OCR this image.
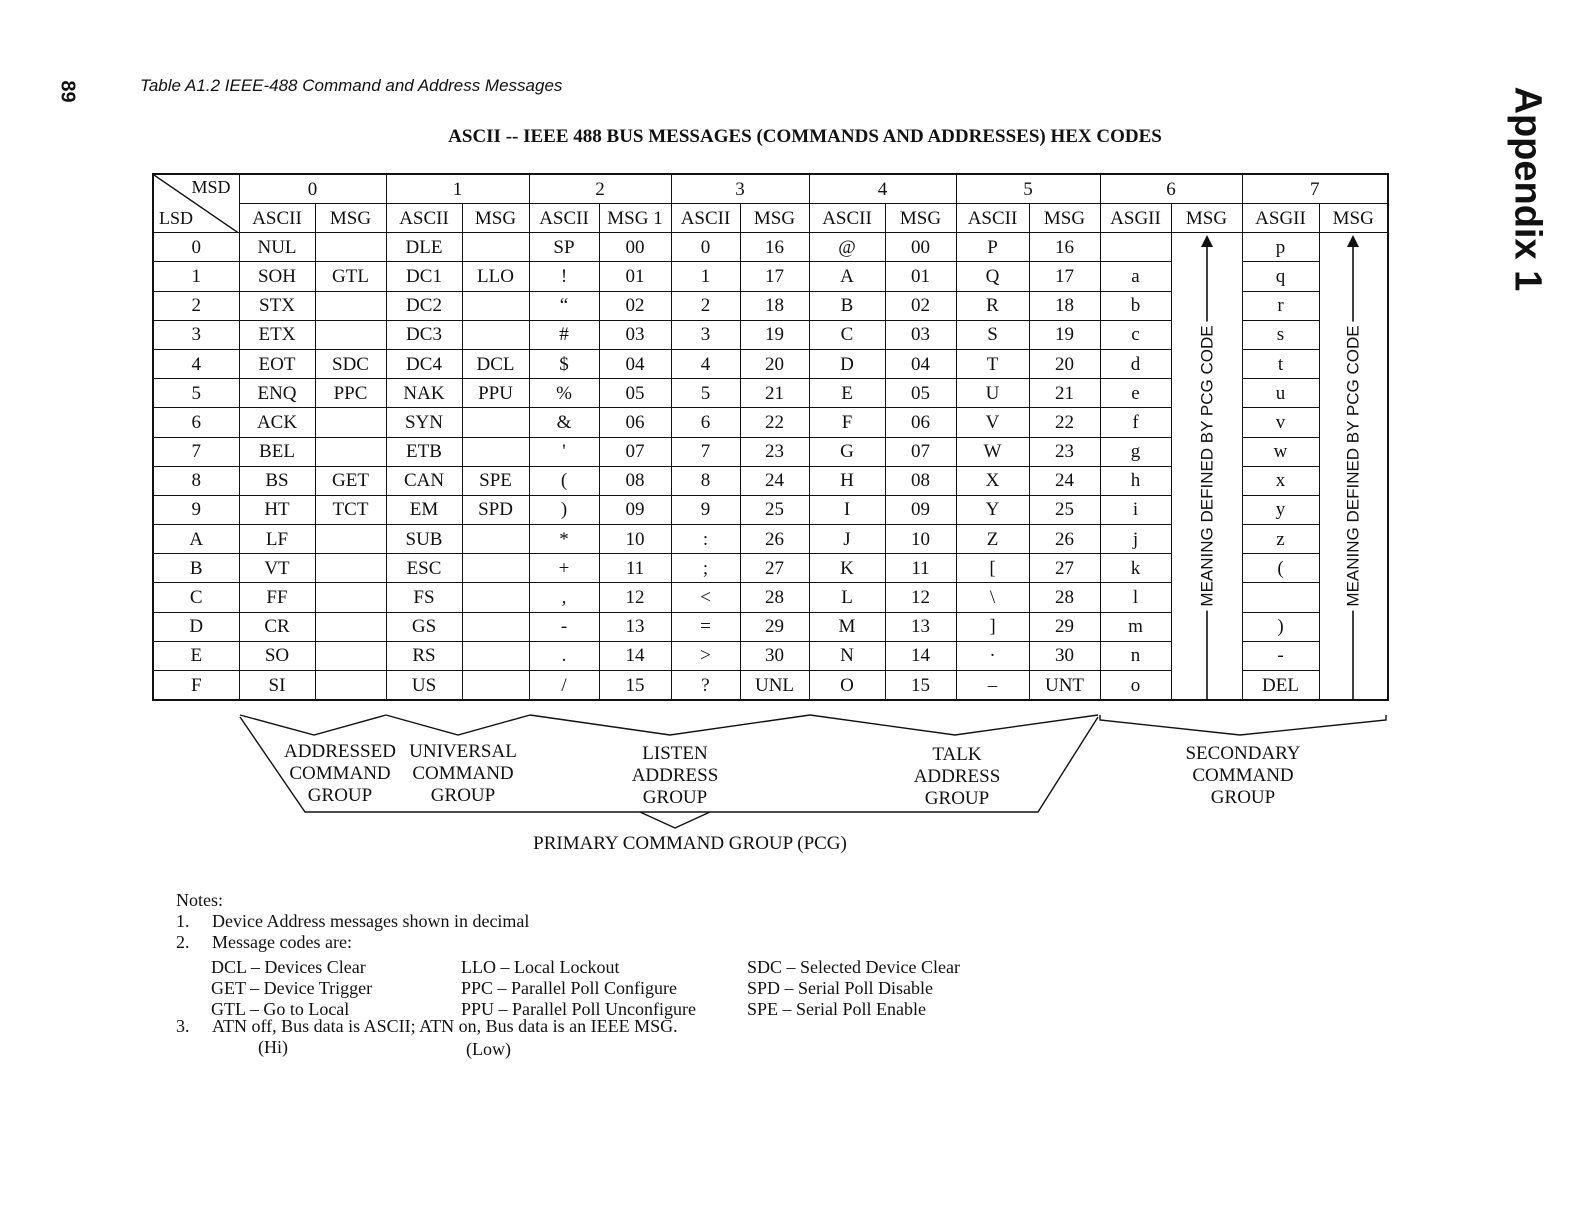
89	Table A1.2 IEEE-488 Command and Address Messages
Appendix 1
ASCII -- IEEE 488 BUS MESSAGES (COMMANDS AND ADDRESSES) HEX CODES
MSD
LSD	0		1		2		3		4		5		6		7	
	ASCII	MSG	ASCII	MSG	ASCII	MSG 1	ASCII	MSG	ASCII	MSG	ASCII	MSG	ASGII	MSG	ASGII	MSG
0	NUL		DLE		SP	00	0	16	@	00	P	16		MEANING DEFINED BY PCG CODE	p	MEANING DEFINED BY PCG CODE

1	SOH	GTL	DC1	LLO	!	01	1	17	A	01	Q	17	a		q	
2	STX		DC2		“	02	2	18	B	02	R	18	b		r	
3	ETX		DC3		#	03	3	19	C	03	S	19	c		s	
4	EOT	SDC	DC4	DCL	$	04	4	20	D	04	T	20	d		t	
5	ENQ	PPC	NAK	PPU	%	05	5	21	E	05	U	21	e		u	
6	ACK		SYN		&	06	6	22	F	06	V	22	f		v	
7	BEL		ETB		'	07	7	23	G	07	W	23	g		w	
8	BS	GET	CAN	SPE	(	08	8	24	H	08	X	24	h		x	
9	HT	TCT	EM	SPD	)	09	9	25	I	09	Y	25	i		y	
A	LF		SUB		*	10	:	26	J	10	Z	26	j		z	
B	VT		ESC		+	11	;	27	K	11	[	27	k		(	
C	FF		FS		,	12	<	28	L	12	\	28	l			
D	CR		GS		-	13	=	29	M	13	]	29	m		)	
E	SO		RS		.	14	>	30	N	14	·	30	n		-	
F	SI		US		/	15	?	UNL	O	15	–	UNT	o		DEL	
ADDRESSED
COMMAND
GROUP
UNIVERSAL
COMMAND
GROUP
LISTEN
ADDRESS
GROUP
TALK
ADDRESS
GROUP
SECONDARY
COMMAND
GROUP
PRIMARY COMMAND GROUP (PCG)
Notes:
1.	Device Address messages shown in decimal
2.	Message codes are:
3.	ATN off, Bus data is ASCII; ATN on, Bus data is an IEEE MSG.
(Hi)	(Low)
DCL – Devices Clear
GET – Device Trigger
GTL – Go to Local
LLO – Local Lockout
PPC – Parallel Poll Configure
PPU – Parallel Poll Unconfigure
SDC – Selected Device Clear
SPD – Serial Poll Disable
SPE – Serial Poll Enable
